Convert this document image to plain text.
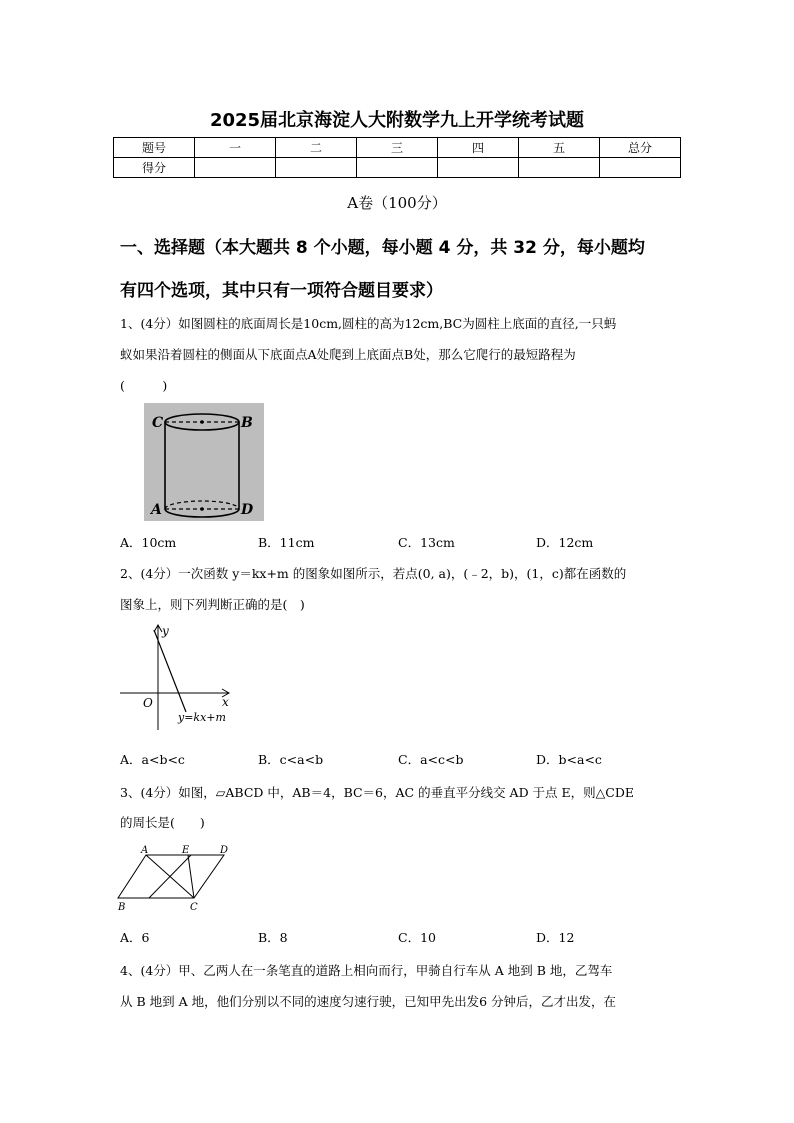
2025届北京海淀人大附数学九上开学统考试题
题号	一	二	三	四	五	总分
得分						
A卷（100分）
一、选择题（本大题共 8 个小题，每小题 4 分，共 32 分，每小题均
有四个选项，其中只有一项符合题目要求）
1、(4分）如图圆柱的底面周长是10cm,圆柱的高为12cm,BC为圆柱上底面的直径,一只蚂
蚁如果沿着圆柱的侧面从下底面点A处爬到上底面点B处，那么它爬行的最短路程为
(　　　)
C	B
A	D
A．10cm	B．11cm	C．13cm	D．12cm
2、(4分）一次函数 y＝kx+m 的图象如图所示，若点(0, a)，(﹣2，b)，(1，c)都在函数的
图象上，则下列判断正确的是(　)
y
x
O
y=kx+m
A．a<b<c	B．c<a<b	C．a<c<b	D．b<a<c
3、(4分）如图，▱ABCD 中，AB＝4，BC＝6，AC 的垂直平分线交 AD 于点 E，则△CDE
的周长是(　　)
A	E	D
B	C
A．6	B．8	C．10	D．12
4、(4分）甲、乙两人在一条笔直的道路上相向而行，甲骑自行车从 A 地到 B 地，乙驾车
从 B 地到 A 地，他们分别以不同的速度匀速行驶，已知甲先出发6 分钟后，乙才出发，在
